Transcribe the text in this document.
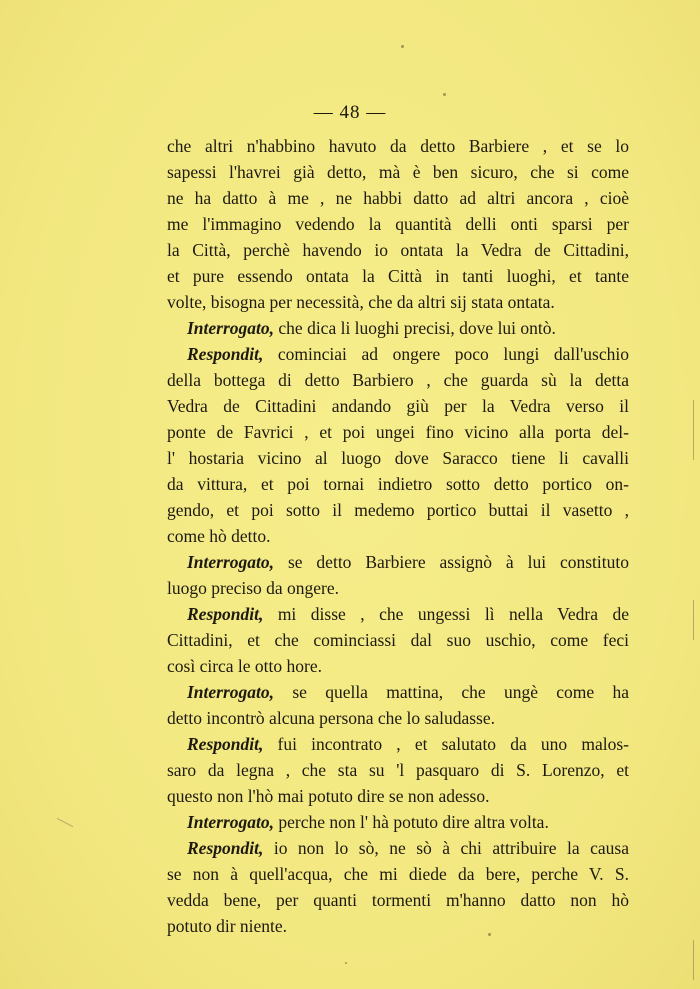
— 48 —
che altri n'habbino havuto da detto Barbiere , et se lo
sapessi l'havrei già detto, mà è ben sicuro, che si come
ne ha datto à me , ne habbi datto ad altri ancora , cioè
me l'immagino vedendo la quantità delli onti sparsi per
la Città, perchè havendo io ontata la Vedra de Cittadini,
et pure essendo ontata la Città in tanti luoghi, et tante
volte, bisogna per necessità, che da altri sij stata ontata.
Interrogato, che dica li luoghi precisi, dove lui ontò.
Respondit, cominciai ad ongere poco lungi dall'uschio
della bottega di detto Barbiero , che guarda sù la detta
Vedra de Cittadini andando giù per la Vedra verso il
ponte de Favrici , et poi ungei fino vicino alla porta del-
l' hostaria vicino al luogo dove Saracco tiene li cavalli
da vittura, et poi tornai indietro sotto detto portico on-
gendo, et poi sotto il medemo portico buttai il vasetto ,
come hò detto.
Interrogato, se detto Barbiere assignò à lui constituto
luogo preciso da ongere.
Respondit, mi disse , che ungessi lì nella Vedra de
Cittadini, et che cominciassi dal suo uschio, come feci
così circa le otto hore.
Interrogato, se quella mattina, che ungè come ha
detto incontrò alcuna persona che lo saludasse.
Respondit, fui incontrato , et salutato da uno malos-
saro da legna , che sta su 'l pasquaro di S. Lorenzo, et
questo non l'hò mai potuto dire se non adesso.
Interrogato, perche non l' hà potuto dire altra volta.
Respondit, io non lo sò, ne sò à chi attribuire la causa
se non à quell'acqua, che mi diede da bere, perche V. S.
vedda bene, per quanti tormenti m'hanno datto non hò
potuto dir niente.
